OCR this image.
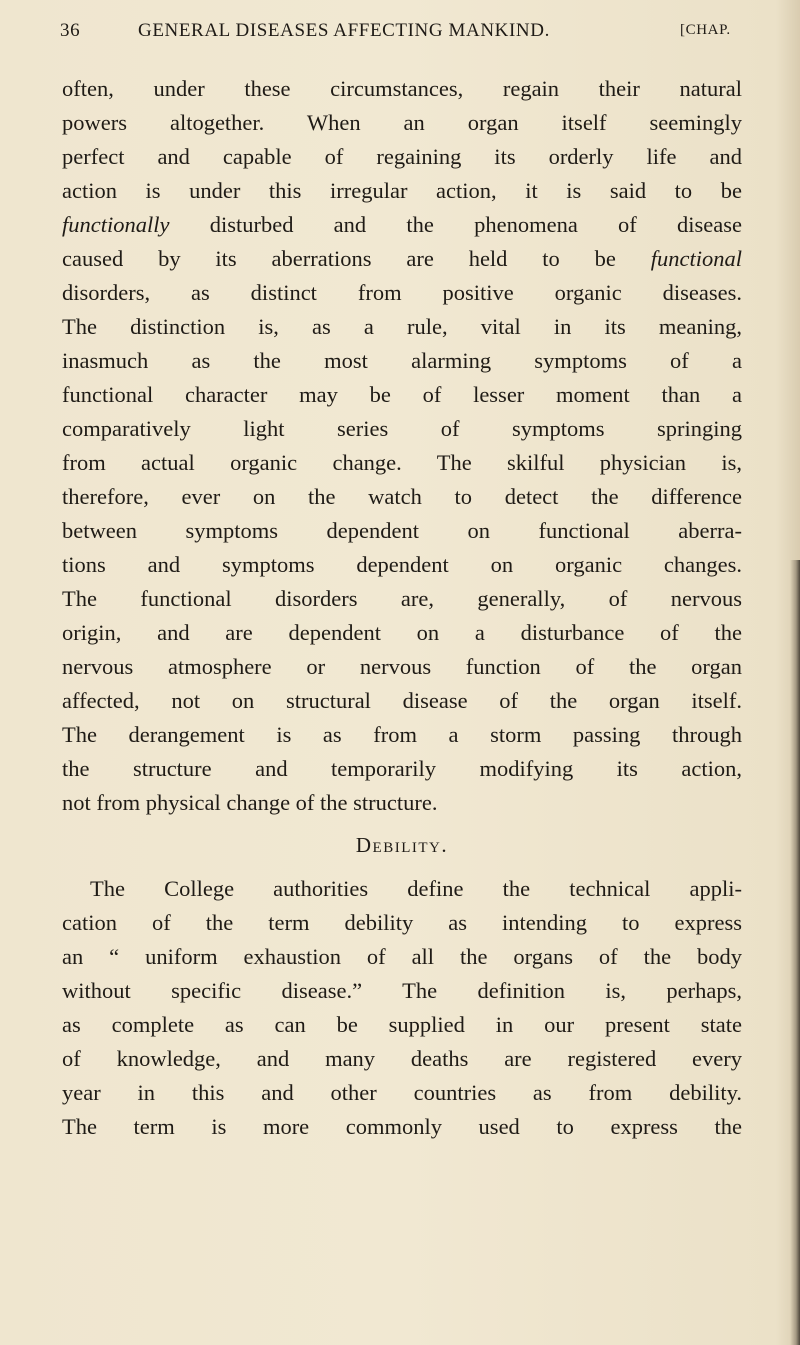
36	GENERAL DISEASES AFFECTING MANKIND.	[CHAP.
often, under these circumstances, regain their natural
powers altogether. When an organ itself seemingly
perfect and capable of regaining its orderly life and
action is under this irregular action, it is said to be
functionally disturbed and the phenomena of disease
caused by its aberrations are held to be functional
disorders, as distinct from positive organic diseases.
The distinction is, as a rule, vital in its meaning,
inasmuch as the most alarming symptoms of a
functional character may be of lesser moment than a
comparatively light series of symptoms springing
from actual organic change. The skilful physician is,
therefore, ever on the watch to detect the difference
between symptoms dependent on functional aberra-
tions and symptoms dependent on organic changes.
The functional disorders are, generally, of nervous
origin, and are dependent on a disturbance of the
nervous atmosphere or nervous function of the organ
affected, not on structural disease of the organ itself.
The derangement is as from a storm passing through
the structure and temporarily modifying its action,
not from physical change of the structure.
Debility.
The College authorities define the technical appli-
cation of the term debility as intending to express
an “ uniform exhaustion of all the organs of the body
without specific disease.” The definition is, perhaps,
as complete as can be supplied in our present state
of knowledge, and many deaths are registered every
year in this and other countries as from debility.
The term is more commonly used to express the
